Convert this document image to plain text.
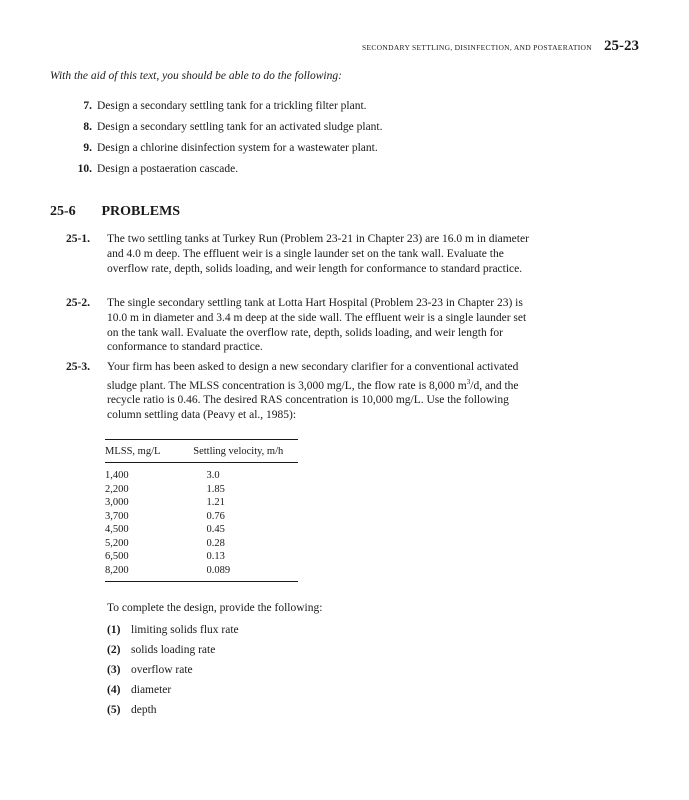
SECONDARY SETTLING, DISINFECTION, AND POSTAERATION 25-23
With the aid of this text, you should be able to do the following:
7. Design a secondary settling tank for a trickling filter plant.
8. Design a secondary settling tank for an activated sludge plant.
9. Design a chlorine disinfection system for a wastewater plant.
10. Design a postaeration cascade.
25-6 PROBLEMS
25-1. The two settling tanks at Turkey Run (Problem 23-21 in Chapter 23) are 16.0 m in diameter and 4.0 m deep. The effluent weir is a single launder set on the tank wall. Evaluate the overflow rate, depth, solids loading, and weir length for conformance to standard practice.
25-2. The single secondary settling tank at Lotta Hart Hospital (Problem 23-23 in Chapter 23) is 10.0 m in diameter and 3.4 m deep at the side wall. The effluent weir is a single launder set on the tank wall. Evaluate the overflow rate, depth, solids loading, and weir length for conformance to standard practice.
25-3. Your firm has been asked to design a new secondary clarifier for a conventional activated sludge plant. The MLSS concentration is 3,000 mg/L, the flow rate is 8,000 $m^3/d$, and the recycle ratio is 0.46. The desired RAS concentration is 10,000 mg/L. Use the following column settling data (Peavy et al., 1985):
MLSS, mg/L	Settling velocity, m/h
1,400	3.0
2,200	1.85
3,000	1.21
3,700	0.76
4,500	0.45
5,200	0.28
6,500	0.13
8,200	0.089
To complete the design, provide the following:
(1) limiting solids flux rate
(2) solids loading rate
(3) overflow rate
(4) diameter
(5) depth
